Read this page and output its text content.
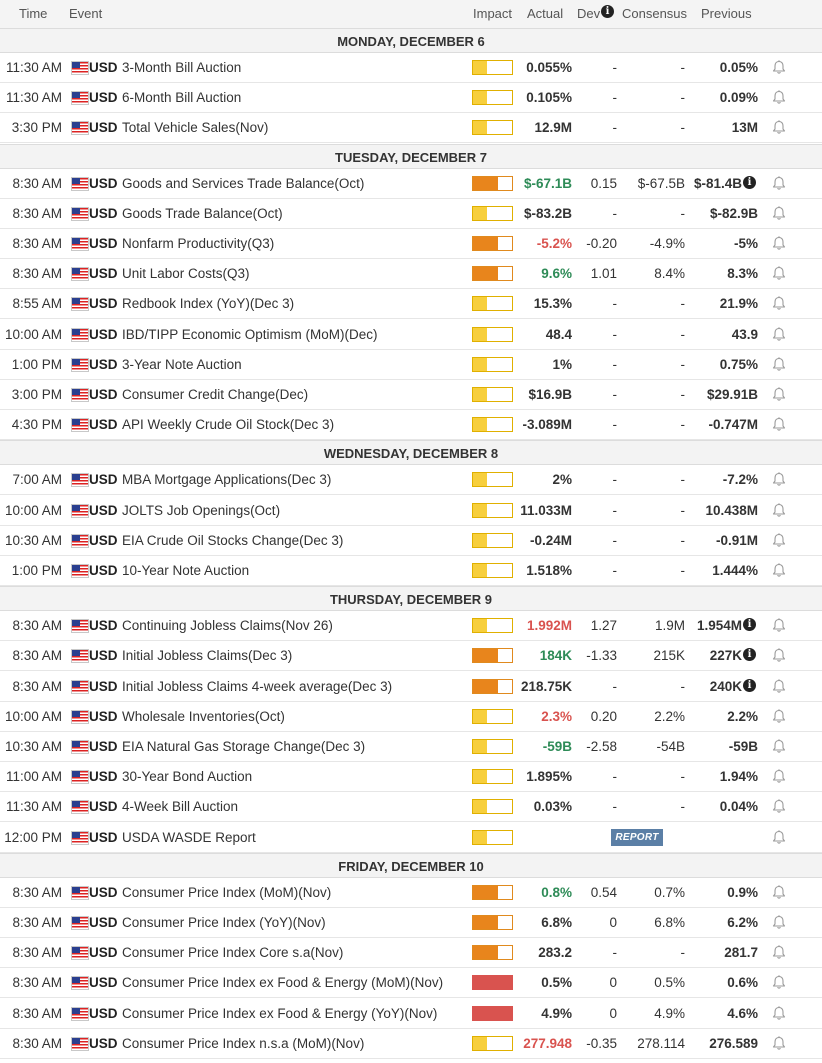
Time Event	Impact Actual Dev i Consensus Previous
MONDAY, DECEMBER 6
11:30 AM USD 3-Month Bill Auction	0.055%	-	-	0.05%
11:30 AM USD 6-Month Bill Auction	0.105%	-	-	0.09%
3:30 PM USD Total Vehicle Sales(Nov)	12.9M	-	-	13M
TUESDAY, DECEMBER 7
8:30 AM USD Goods and Services Trade Balance(Oct)	$-67.1B 0.15 $-67.5B $-81.4B i
8:30 AM USD Goods Trade Balance(Oct)	$-83.2B	-	- $-82.9B
8:30 AM USD Nonfarm Productivity(Q3)	-5.2% -0.20 -4.9%	-5%
8:30 AM USD Unit Labor Costs(Q3)	9.6% 1.01	8.4%	8.3%
8:55 AM USD Redbook Index (YoY)(Dec 3)	15.3%	-	-	21.9%
10:00 AM USD IBD/TIPP Economic Optimism (MoM)(Dec)	48.4	-	-	43.9
1:00 PM USD 3-Year Note Auction	1%	-	-	0.75%
3:00 PM USD Consumer Credit Change(Dec)	$16.9B	-	- $29.91B
4:30 PM USD API Weekly Crude Oil Stock(Dec 3)	-3.089M	-	- -0.747M
WEDNESDAY, DECEMBER 8
7:00 AM USD MBA Mortgage Applications(Dec 3)	2%	-	-	-7.2%
10:00 AM USD JOLTS Job Openings(Oct)	11.033M	-	- 10.438M
10:30 AM USD EIA Crude Oil Stocks Change(Dec 3)	-0.24M	-	- -0.91M
1:00 PM USD 10-Year Note Auction	1.518%	-	- 1.444%
THURSDAY, DECEMBER 9
8:30 AM USD Continuing Jobless Claims(Nov 26)	1.992M 1.27	1.9M 1.954M i
8:30 AM USD Initial Jobless Claims(Dec 3)	184K -1.33	215K 227K i
8:30 AM USD Initial Jobless Claims 4-week average(Dec 3)	218.75K	-	- 240K i
10:00 AM USD Wholesale Inventories(Oct)	2.3% 0.20	2.2%	2.2%
10:30 AM USD EIA Natural Gas Storage Change(Dec 3)	-59B -2.58	-54B	-59B
11:00 AM USD 30-Year Bond Auction	1.895%	-	-	1.94%
11:30 AM USD 4-Week Bill Auction	0.03%	-	-	0.04%
12:00 PM USD USDA WASDE Report	REPORT
FRIDAY, DECEMBER 10
8:30 AM USD Consumer Price Index (MoM)(Nov)	0.8% 0.54	0.7%	0.9%
8:30 AM USD Consumer Price Index (YoY)(Nov)	6.8%	0	6.8%	6.2%
8:30 AM USD Consumer Price Index Core s.a(Nov)	283.2	-	-	281.7
8:30 AM USD Consumer Price Index ex Food & Energy (MoM)(Nov)	0.5%	0	0.5%	0.6%
8:30 AM USD Consumer Price Index ex Food & Energy (YoY)(Nov)	4.9%	0	4.9%	4.6%
8:30 AM USD Consumer Price Index n.s.a (MoM)(Nov)	277.948 -0.35 278.114 276.589
